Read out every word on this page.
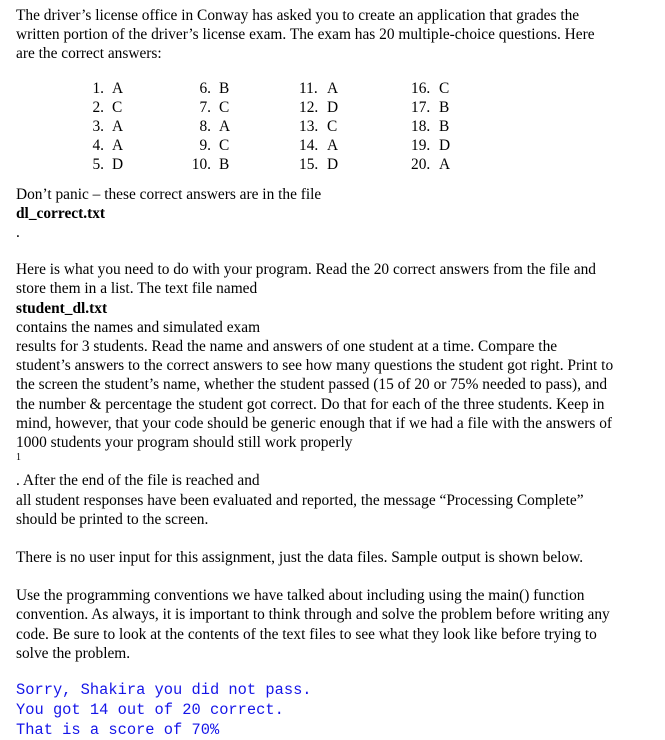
The driver’s license office in Conway has asked you to create an application that grades the
written portion of the driver’s license exam. The exam has 20 multiple-choice questions. Here
are the correct answers:

1. A
2. C
3. A
4. A
5. D
6. B
7. C
8. A
9. C
10. B
11. A
12. D
13. C
14. A
15. D
16. C
17. B
18. B
19. D
20. A

Don’t panic – these correct answers are in the file
dl_correct.txt
.

Here is what you need to do with your program. Read the 20 correct answers from the file and
store them in a list. The text file named
student_dl.txt
contains the names and simulated exam
results for 3 students. Read the name and answers of one student at a time. Compare the
student’s answers to the correct answers to see how many questions the student got right. Print to
the screen the student’s name, whether the student passed (15 of 20 or 75% needed to pass), and
the number & percentage the student got correct. Do that for each of the three students. Keep in
mind, however, that your code should be generic enough that if we had a file with the answers of
1000 students your program should still work properly
$^1$
. After the end of the file is reached and
all student responses have been evaluated and reported, the message “Processing Complete”
should be printed to the screen.

There is no user input for this assignment, just the data files. Sample output is shown below.

Use the programming conventions we have talked about including using the main() function
convention. As always, it is important to think through and solve the problem before writing any
code. Be sure to look at the contents of the text files to see what they look like before trying to
solve the problem.

Sorry, Shakira you did not pass.
You got 14 out of 20 correct.
That is a score of 70%
